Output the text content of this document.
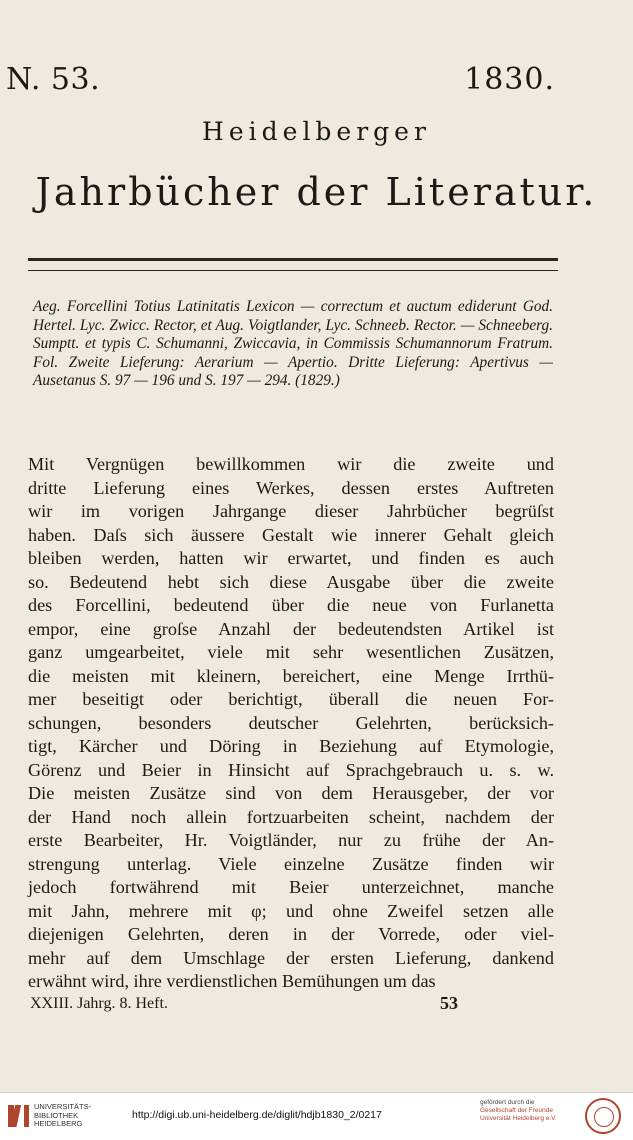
N. 53.	1830.
Heidelberger
Jahrbücher der Literatur.

Aeg. Forcellini Totius Latinitatis Lexicon — correctum et auctum ediderunt God. Hertel. Lyc. Zwicc. Rector, et Aug. Voigtlander, Lyc. Schneeb. Rector. — Schneeberg. Sumptt. et typis C. Schumanni, Zwiccavia, in Commissis Schumannorum Fratrum. Fol. Zweite Lieferung: Aerarium — Apertio. Dritte Lieferung: Apertivus — Ausetanus S. 97 — 196 und S. 197 — 294. (1829.)

Mit Vergnügen bewillkommen wir die zweite und
dritte Lieferung eines Werkes, dessen erstes Auftreten
wir im vorigen Jahrgange dieser Jahrbücher begrüſst
haben. Daſs sich äussere Gestalt wie innerer Gehalt gleich
bleiben werden, hatten wir erwartet, und finden es auch
so. Bedeutend hebt sich diese Ausgabe über die zweite
des Forcellini, bedeutend über die neue von Furlanetta
empor, eine groſse Anzahl der bedeutendsten Artikel ist
ganz umgearbeitet, viele mit sehr wesentlichen Zusätzen,
die meisten mit kleinern, bereichert, eine Menge Irrthü-
mer beseitigt oder berichtigt, überall die neuen For-
schungen, besonders deutscher Gelehrten, berücksich-
tigt, Kärcher und Döring in Beziehung auf Etymologie,
Görenz und Beier in Hinsicht auf Sprachgebrauch u. s. w.
Die meisten Zusätze sind von dem Herausgeber, der vor
der Hand noch allein fortzuarbeiten scheint, nachdem der
erste Bearbeiter, Hr. Voigtländer, nur zu frühe der An-
strengung unterlag. Viele einzelne Zusätze finden wir
jedoch fortwährend mit Beier unterzeichnet, manche
mit Jahn, mehrere mit φ; und ohne Zweifel setzen alle
diejenigen Gelehrten, deren in der Vorrede, oder viel-
mehr auf dem Umschlage der ersten Lieferung, dankend
erwähnt wird, ihre verdienstlichen Bemühungen um das
XXIII. Jahrg. 8. Heft.	53
UNIVERSITÄTS-
BIBLIOTHEK
HEIDELBERG
http://digi.ub.uni-heidelberg.de/diglit/hdjb1830_2/0217
gefördert durch die
Gesellschaft der Freunde
Universität Heidelberg e.V.
